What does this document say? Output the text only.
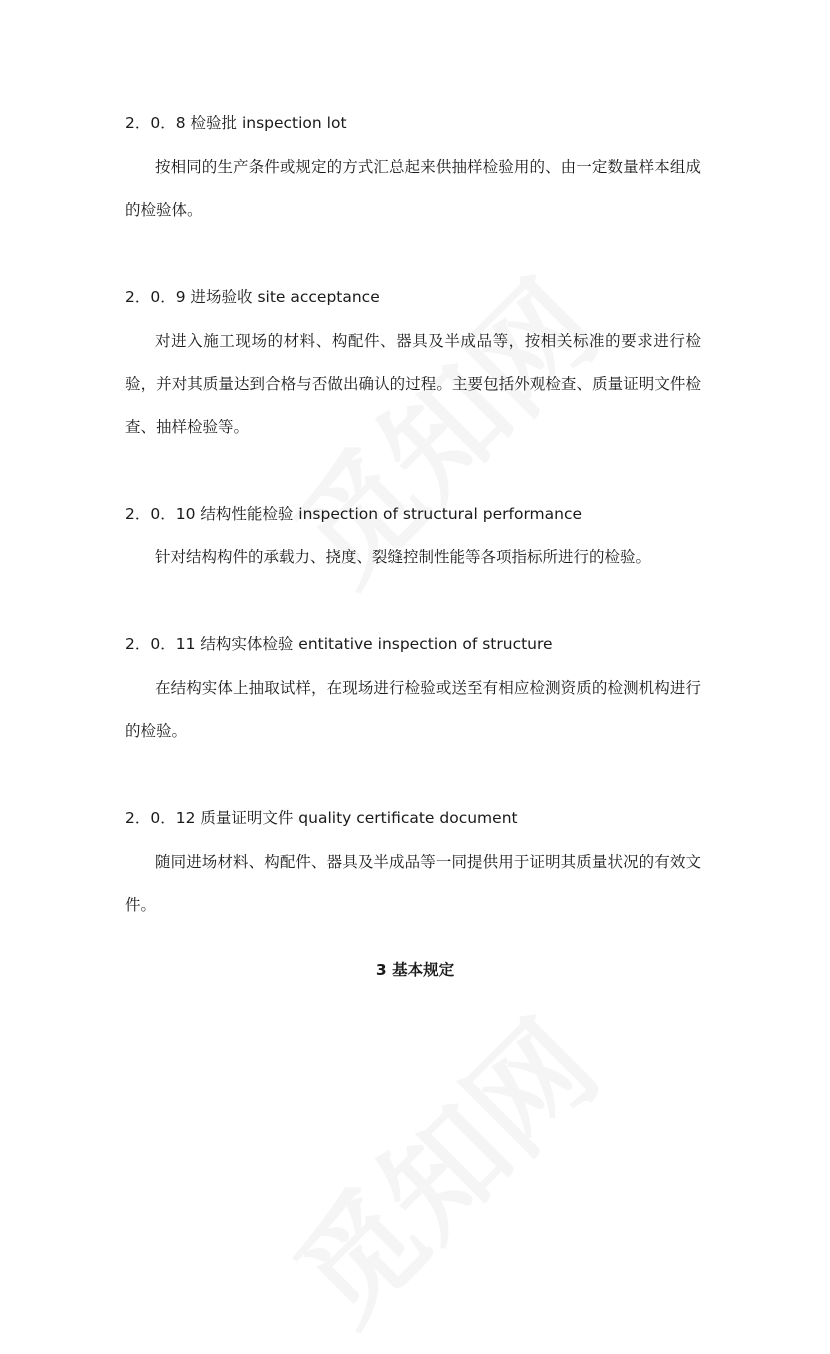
2．0．8 检验批 inspection lot

按相同的生产条件或规定的方式汇总起来供抽样检验用的、由一定数量样本组成的检验体。

2．0．9 进场验收 site acceptance

对进入施工现场的材料、构配件、器具及半成品等，按相关标准的要求进行检验，并对其质量达到合格与否做出确认的过程。主要包括外观检查、质量证明文件检查、抽样检验等。

2．0．10 结构性能检验 inspection of structural performance

针对结构构件的承载力、挠度、裂缝控制性能等各项指标所进行的检验。

2．0．11 结构实体检验 entitative inspection of structure

在结构实体上抽取试样，在现场进行检验或送至有相应检测资质的检测机构进行的检验。

2．0．12 质量证明文件 quality certificate document

随同进场材料、构配件、器具及半成品等一同提供用于证明其质量状况的有效文件。

3 基本规定
